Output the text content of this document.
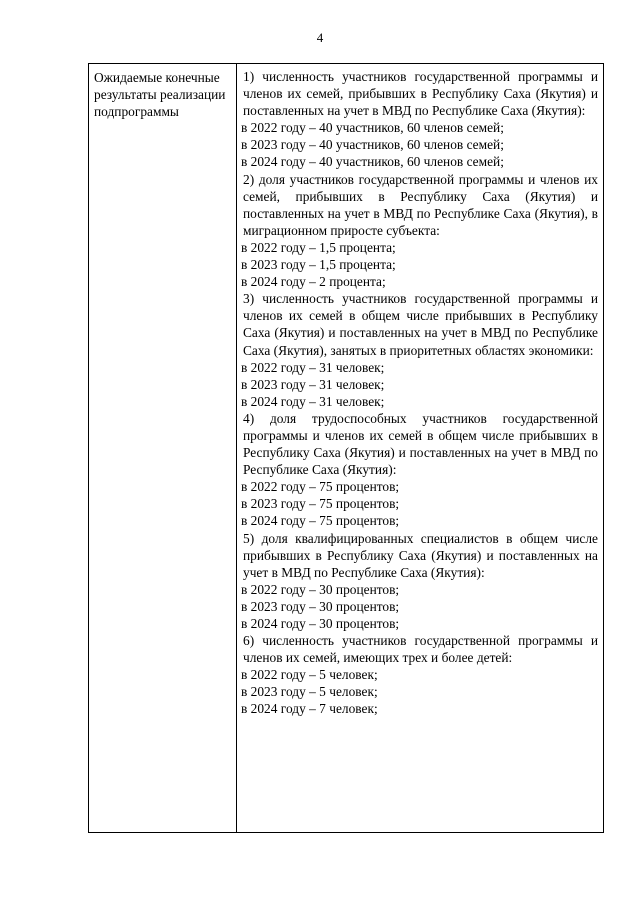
4
Ожидаемые конечные результаты реализации подпрограммы
1) численность участников государственной программы и членов их семей, прибывших в Республику Саха (Якутия) и поставленных на учет в МВД по Республике Саха (Якутия):
в 2022 году – 40 участников, 60 членов семей;
в 2023 году – 40 участников, 60 членов семей;
в 2024 году – 40 участников, 60 членов семей;
2) доля участников государственной программы и членов их семей, прибывших в Республику Саха (Якутия) и поставленных на учет в МВД по Республике Саха (Якутия), в миграционном приросте субъекта:
в 2022 году – 1,5 процента;
в 2023 году – 1,5 процента;
в 2024 году – 2 процента;
3) численность участников государственной программы и членов их семей в общем числе прибывших в Республику Саха (Якутия) и поставленных на учет в МВД по Республике Саха (Якутия), занятых в приоритетных областях экономики:
в 2022 году – 31 человек;
в 2023 году – 31 человек;
в 2024 году – 31 человек;
4) доля трудоспособных участников государственной программы и членов их семей в общем числе прибывших в Республику Саха (Якутия) и поставленных на учет в МВД по Республике Саха (Якутия):
в 2022 году – 75 процентов;
в 2023 году – 75 процентов;
в 2024 году – 75 процентов;
5) доля квалифицированных специалистов в общем числе прибывших в Республику Саха (Якутия) и поставленных на учет в МВД по Республике Саха (Якутия):
в 2022 году – 30 процентов;
в 2023 году – 30 процентов;
в 2024 году – 30 процентов;
6) численность участников государственной программы и членов их семей, имеющих трех и более детей:
в 2022 году – 5 человек;
в 2023 году – 5 человек;
в 2024 году – 7 человек;
